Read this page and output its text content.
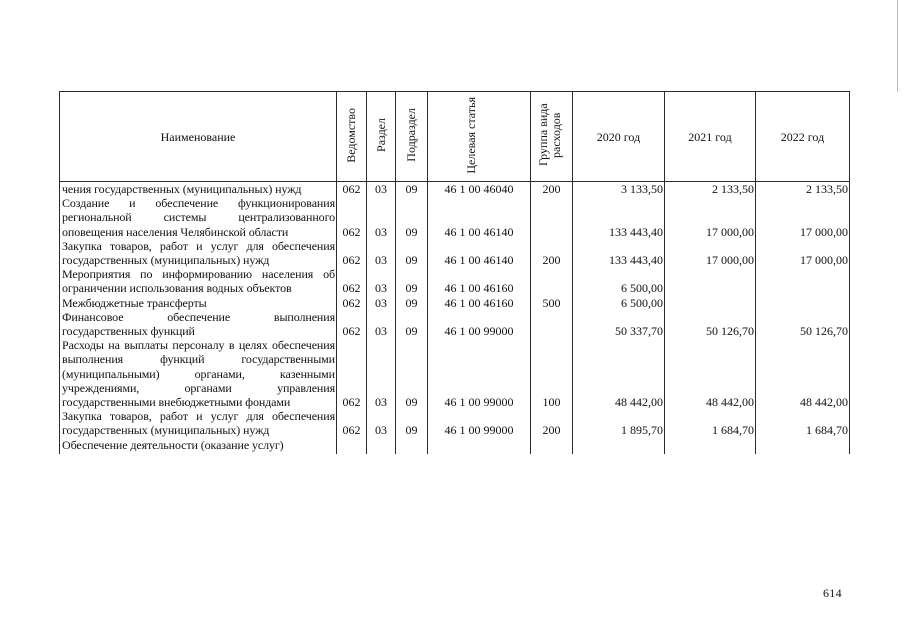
Наименование	Ведомство	Раздел	Подраздел	Целевая статья	Группа вида расходов	2020 год	2021 год	2022 год
чения государственных (муниципальных) нужд	062	03	09	46 1 00 46040	200	3 133,50	2 133,50	2 133,50
Создание и обеспечение функционирования региональной системы централизованного оповещения населения Челябинской области	062	03	09	46 1 00 46140		133 443,40	17 000,00	17 000,00
Закупка товаров, работ и услуг для обеспечения государственных (муниципальных) нужд	062	03	09	46 1 00 46140	200	133 443,40	17 000,00	17 000,00
Мероприятия по информированию населения об ограничении использования водных объектов	062	03	09	46 1 00 46160		6 500,00		
Межбюджетные трансферты	062	03	09	46 1 00 46160	500	6 500,00		
Финансовое обеспечение выполнения государственных функций	062	03	09	46 1 00 99000		50 337,70	50 126,70	50 126,70
Расходы на выплаты персоналу в целях обеспечения выполнения функций государственными (муниципальными) органами, казенными учреждениями, органами управления государственными внебюджетными фондами	062	03	09	46 1 00 99000	100	48 442,00	48 442,00	48 442,00
Закупка товаров, работ и услуг для обеспечения государственных (муниципальных) нужд	062	03	09	46 1 00 99000	200	1 895,70	1 684,70	1 684,70
Обеспечение деятельности (оказание услуг)								
614
